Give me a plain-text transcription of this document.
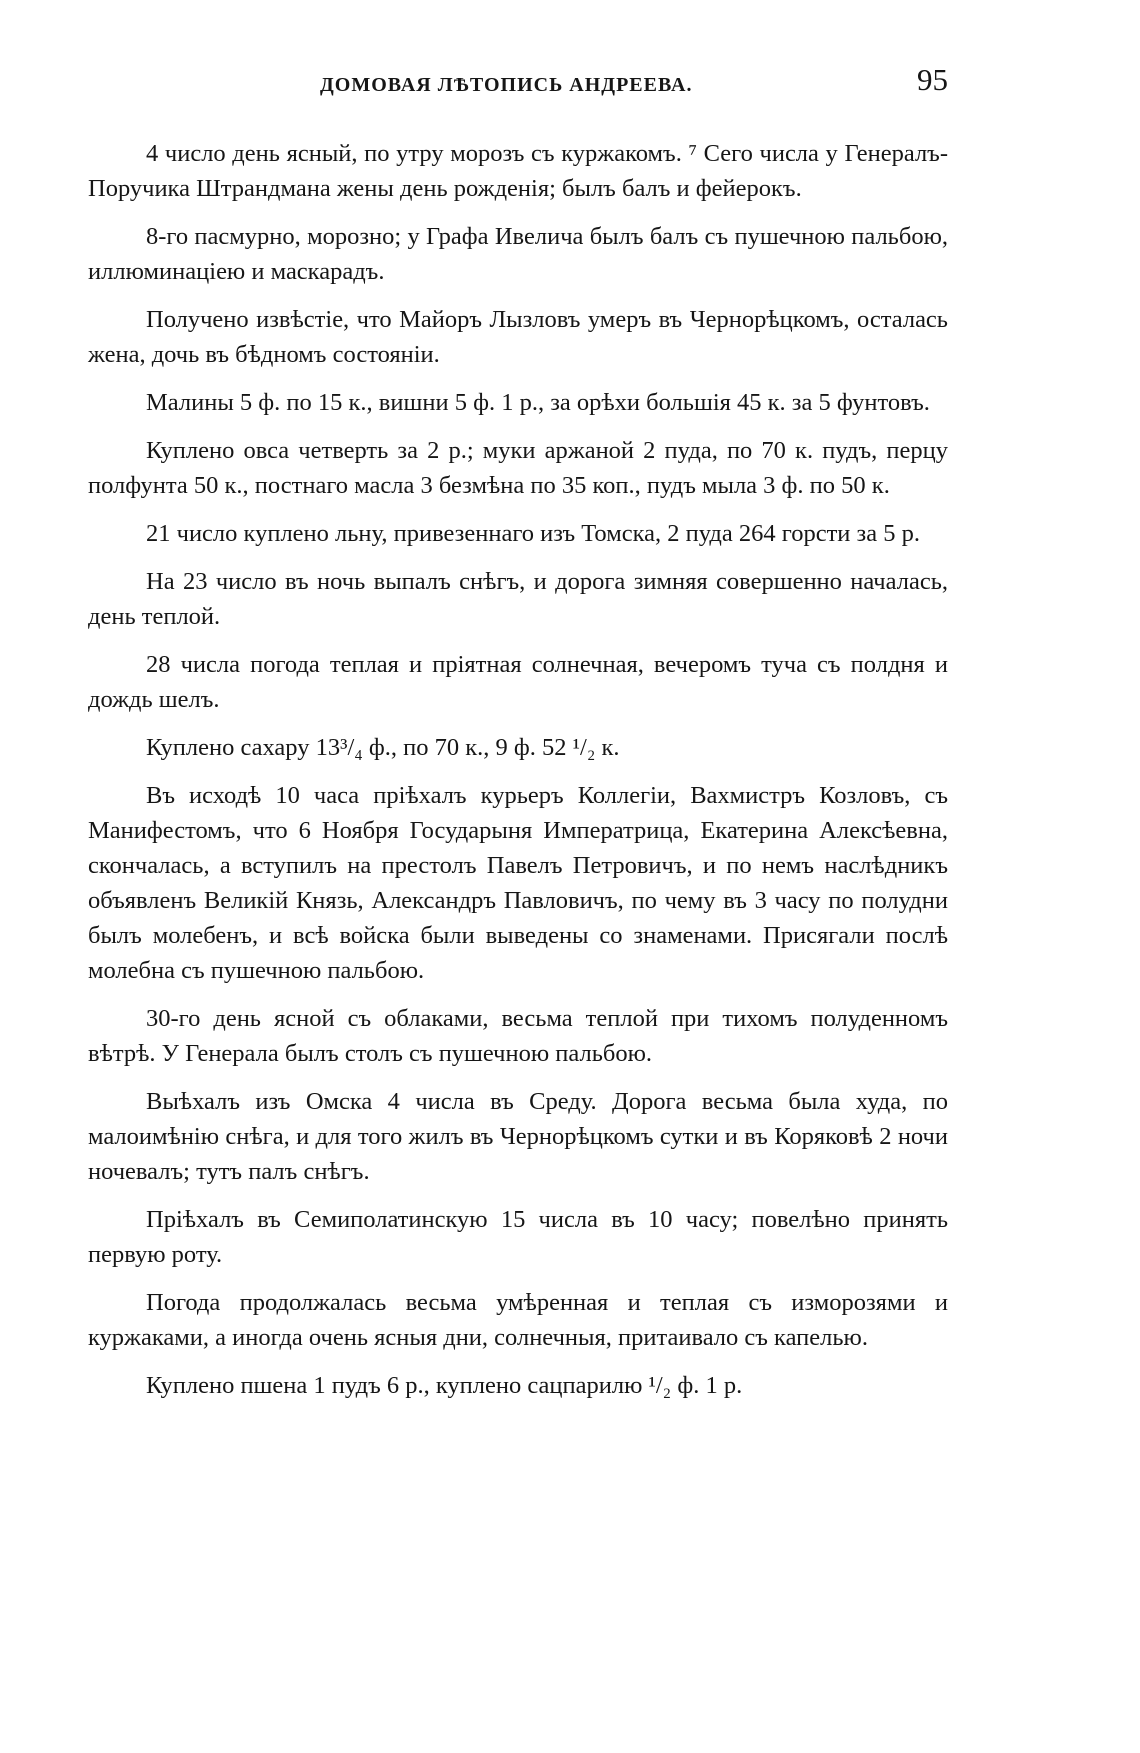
ДОМОВАЯ ЛѢТОПИСЬ АНДРЕЕВА.	95

4 число день ясный, по утру морозъ съ куржакомъ. ⁷ Сего числа у Генералъ-Поручика Штрандмана жены день рожденія; былъ балъ и фейерокъ.

8-го пасмурно, морозно; у Графа Ивелича былъ балъ съ пушечною пальбою, иллюминаціею и маскарадъ.

Получено извѣстіе, что Майоръ Лызловъ умеръ въ Чернорѣцкомъ, осталась жена, дочь въ бѣдномъ состояніи.

Малины 5 ф. по 15 к., вишни 5 ф. 1 р., за орѣхи большія 45 к. за 5 фунтовъ.

Куплено овса четверть за 2 р.; муки аржаной 2 пуда, по 70 к. пудъ, перцу полфунта 50 к., постнаго масла 3 безмѣна по 35 коп., пудъ мыла 3 ф. по 50 к.

21 число куплено льну, привезеннаго изъ Томска, 2 пуда 264 горсти за 5 р.

На 23 число въ ночь выпалъ снѣгъ, и дорога зимняя совершенно началась, день теплой.

28 числа погода теплая и пріятная солнечная, вечеромъ туча съ полдня и дождь шелъ.

Куплено сахару 13³/₄ ф., по 70 к., 9 ф. 52 ¹/₂ к.

Въ исходѣ 10 часа пріѣхалъ курьеръ Коллегіи, Вахмистръ Козловъ, съ Манифестомъ, что 6 Ноября Государыня Императрица, Екатерина Алексѣевна, скончалась, а вступилъ на престолъ Павелъ Петровичъ, и по немъ наслѣдникъ объявленъ Великій Князь, Александръ Павловичъ, по чему въ 3 часу по полудни былъ молебенъ, и всѣ войска были выведены со знаменами. Присягали послѣ молебна съ пушечною пальбою.

30-го день ясной съ облаками, весьма теплой при тихомъ полуденномъ вѣтрѣ. У Генерала былъ столъ съ пушечною пальбою.

Выѣхалъ изъ Омска 4 числа въ Среду. Дорога весьма была худа, по малоимѣнію снѣга, и для того жилъ въ Чернорѣцкомъ сутки и въ Коряковѣ 2 ночи ночевалъ; тутъ палъ снѣгъ.

Пріѣхалъ въ Семиполатинскую 15 числа въ 10 часу; повелѣно принять первую роту.

Погода продолжалась весьма умѣренная и теплая съ изморозями и куржаками, а иногда очень ясныя дни, солнечныя, притаивало съ капелью.

Куплено пшена 1 пудъ 6 р., куплено сацпарилю ¹/₂ ф. 1 р.
